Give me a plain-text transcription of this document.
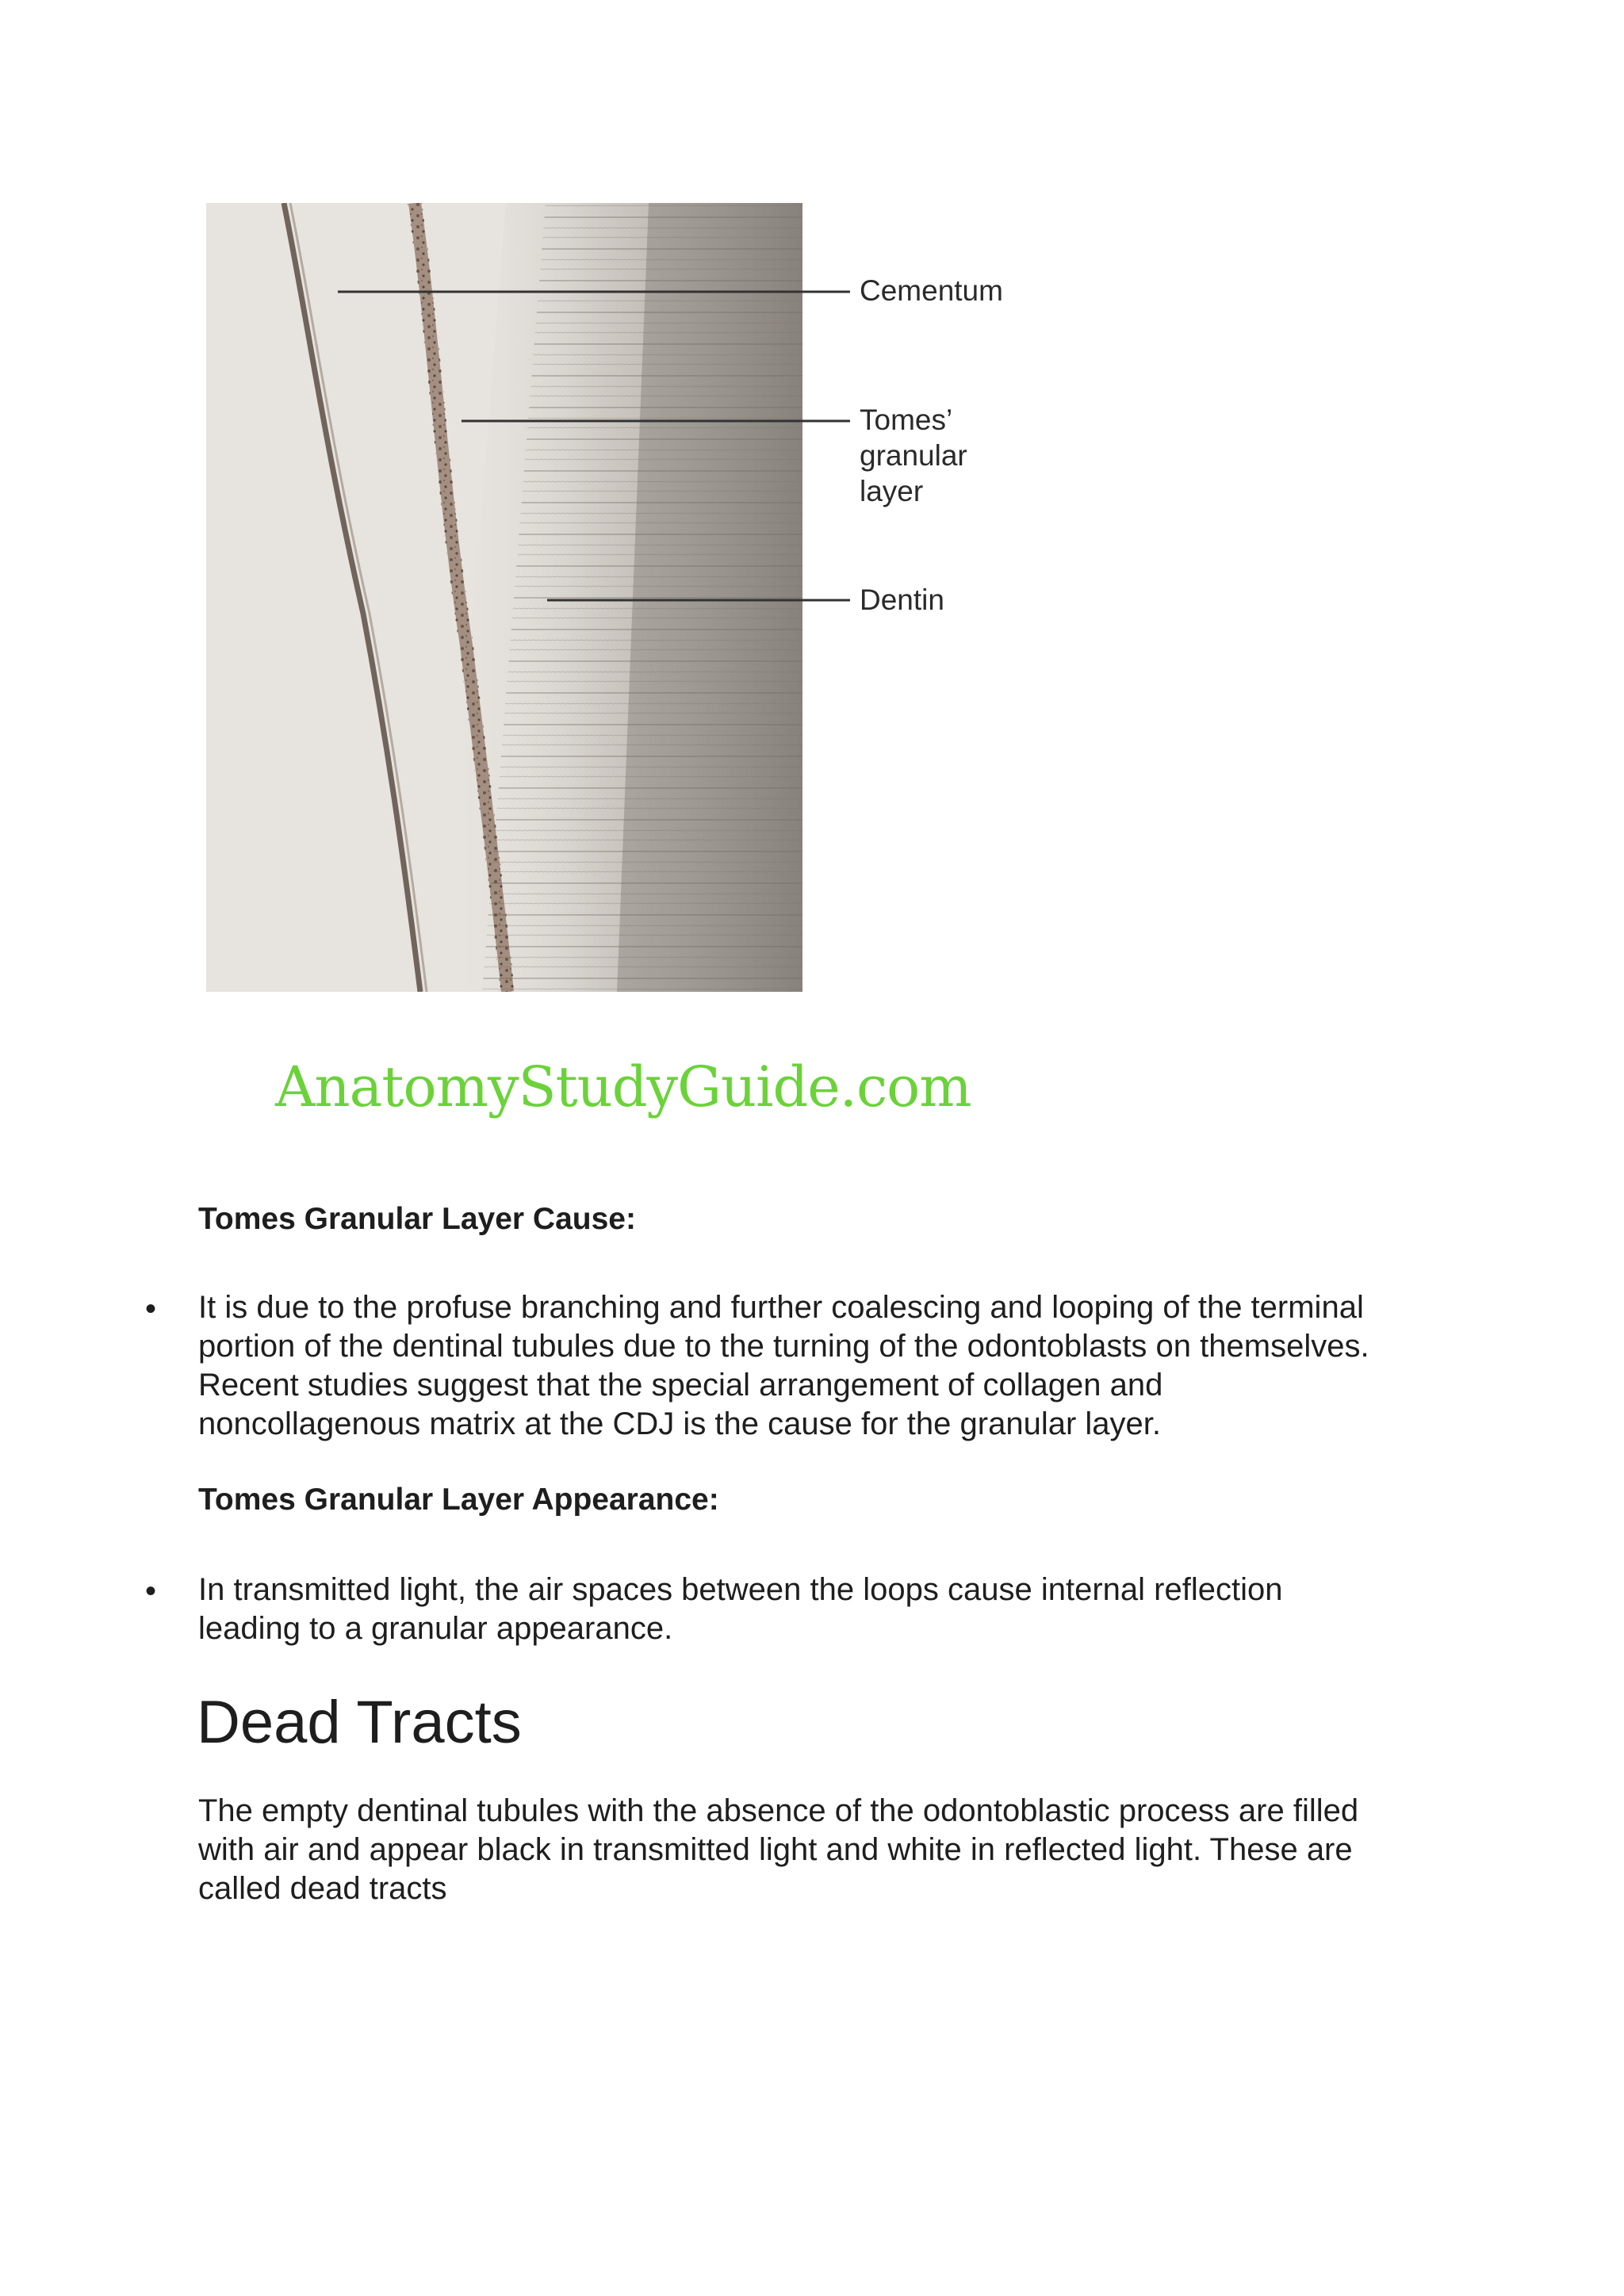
Cementum
Tomes’
granular
layer
Dentin
AnatomyStudyGuide.com
Tomes Granular Layer Cause:
• It is due to the profuse branching and further coalescing and looping of the terminal
portion of the dentinal tubules due to the turning of the odontoblasts on themselves.
Recent studies suggest that the special arrangement of collagen and
noncollagenous matrix at the CDJ is the cause for the granular layer.
Tomes Granular Layer Appearance:
• In transmitted light, the air spaces between the loops cause internal reflection
leading to a granular appearance.
Dead Tracts
The empty dentinal tubules with the absence of the odontoblastic process are filled
with air and appear black in transmitted light and white in reflected light. These are
called dead tracts
